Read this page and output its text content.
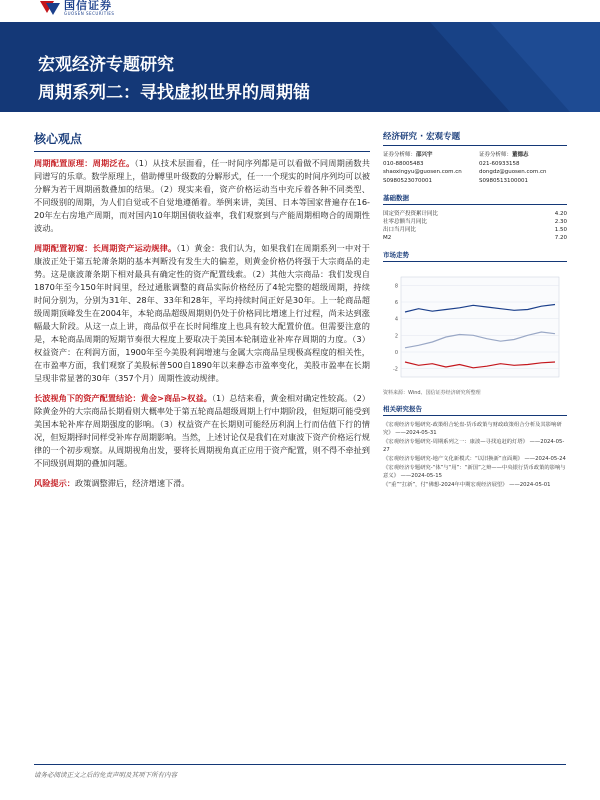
国信证券
GUOSEN SECURITIES
宏观经济专题研究
周期系列二：寻找虚拟世界的周期锚
核心观点

周期配置原理：周期泛在。（1）从技术层面看，任一时间序列都是可以看做不同周期函数共同谱写的乐章。数学原理上，借助傅里叶级数的分解形式，任一一个现实的时间序列均可以被分解为若干周期函数叠加的结果。（2）现实来看，资产价格运动当中充斥着各种不同类型、不同级别的周期，为人们自觉或不自觉地遵循着。举例来讲，美国、日本等国家普遍存在16-20年左右房地产周期，而对国内10年期国债收益率，我们观察到与产能周期相吻合的周期性波动。

周期配置初窥：长周期资产运动规律。（1）黄金：我们认为，如果我们在周期系列一中对于康波正处于第五轮萧条期的基本判断没有发生大的偏差，则黄金价格仍将强于大宗商品的走势。这是康波萧条期下相对最具有确定性的资产配置线索。（2）其他大宗商品：我们发现自1870年至今150年时间里，经过通胀调整的商品实际价格经历了4轮完整的超级周期，持续时间分别为，分别为31年、28年、33年和28年，平均持续时间正好是30年。上一轮商品超级周期顶峰发生在2004年，本轮商品超级周期则仍处于价格同比增速上行过程，尚未达到涨幅最大阶段。从这一点上讲，商品似乎在长时间维度上也具有较大配置价值。但需要注意的是，本轮商品周期的短期节奏很大程度上要取决于美国本轮制造业补库存周期的力度。（3）权益资产：在利润方面，1900年至今美股利润增速与金属大宗商品呈现极高程度的相关性，在市盈率方面，我们观察了美股标普500自1890年以来静态市盈率变化，美股市盈率在长期呈现非常显著的30年（357个月）周期性波动规律。

长波视角下的资产配置结论：黄金>商品>权益。（1）总结来看，黄金相对确定性较高。（2）除黄金外的大宗商品长期看则大概率处于第五轮商品超级周期上行中期阶段，但短期可能受到美国本轮补库存周期强度的影响。（3）权益资产在长期则可能经历利润上行而估值下行的情况，但短期择时同样受补库存周期影响。当然，上述讨论仅是我们在对康波下资产价格运行规律的一个初步观察。从周期视角出发，要将长周期视角真正应用于资产配置，则不得不牵扯到不同级别周期的叠加问题。

风险提示：政策调整滞后，经济增速下滑。

经济研究 · 宏观专题
证券分析师：邵兴宇
010-88005483
shaoxingyu@guosen.com.cn
S0980523070001
证券分析师：董德志
021-60933158
dongdz@guosen.com.cn
S0980513100001
基础数据
国定资产投资累计同比	4.20
社零总额当月同比	2.30
出口当月同比	1.50
M2	7.20
市场走势
8
6
4
2
0
-2
资料来源：Wind、国信证券经济研究所整理
相关研究报告
《宏观经济专题研究-政策组合轮盘-货币政策与财政政策组合分析及其影响研究》 ——2024-05-31
《宏观经济专题研究-周期系列之一：康波—寻找追赶的灯塔》 ——2024-05-27
《宏观经济专题研究-地产文化新模式：“以旧换新”直面期》 ——2024-05-24
《宏观经济专题研究-“体”与“用”：“新国”之辩——中央银行货币政策的影响与意义》 ——2024-05-15
《“重”“扛新”，付“佛想-2024年中期宏观经济展望》 ——2024-05-01
请务必阅读正文之后的免责声明及其项下所有内容
